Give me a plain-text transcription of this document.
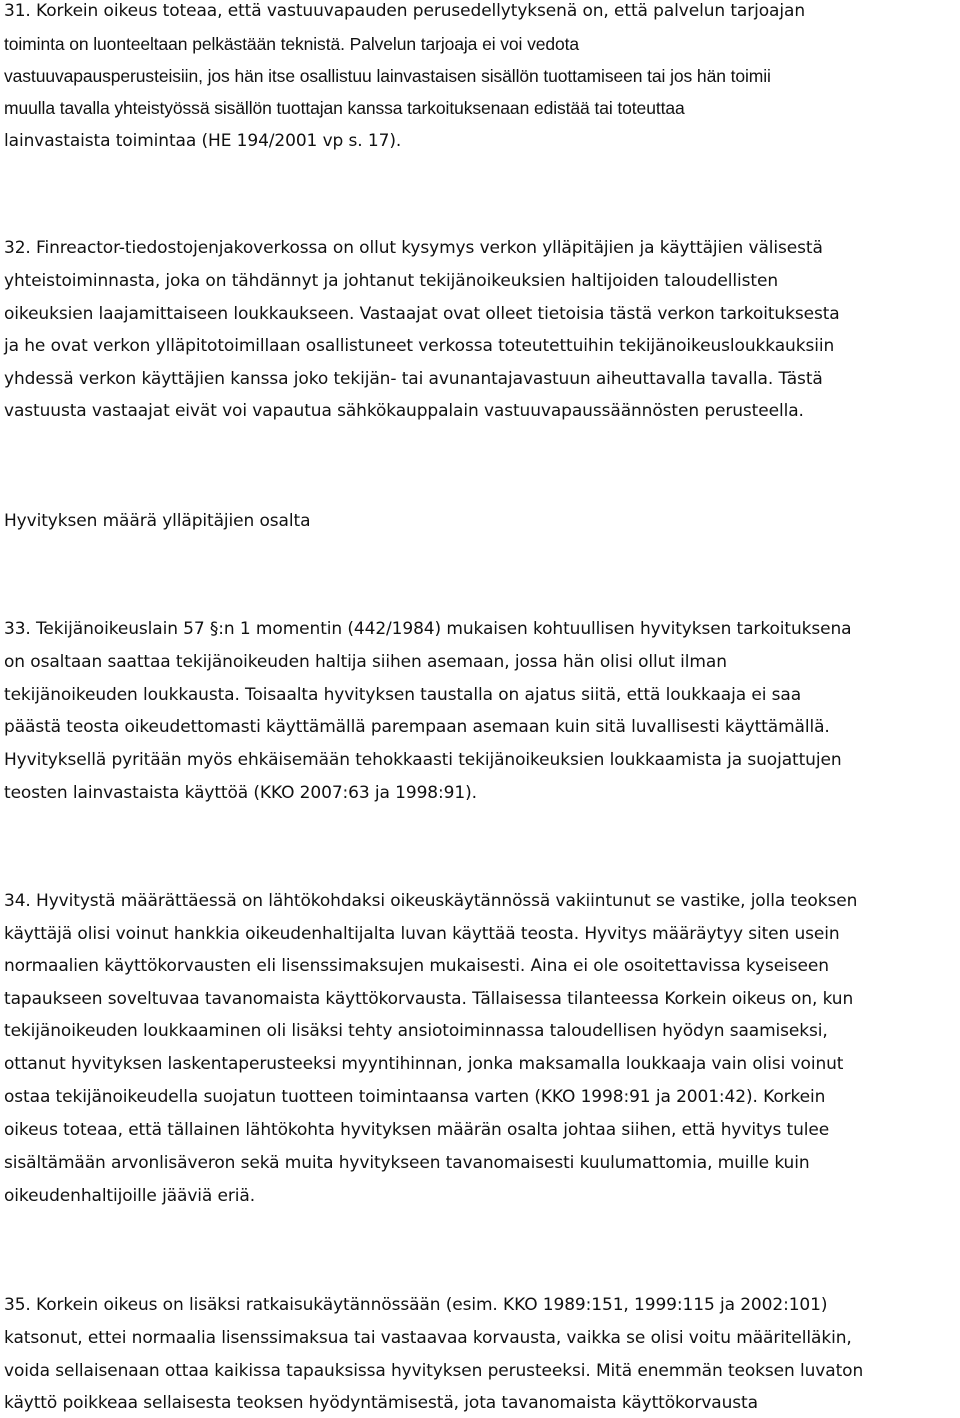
31. Korkein oikeus toteaa, että vastuuvapauden perusedellytyksenä on, että palvelun tarjoajan
toiminta on luonteeltaan pelkästään teknistä. Palvelun tarjoaja ei voi vedota
vastuuvapausperusteisiin, jos hän itse osallistuu lainvastaisen sisällön tuottamiseen tai jos hän toimii
muulla tavalla yhteistyössä sisällön tuottajan kanssa tarkoituksenaan edistää tai toteuttaa
lainvastaista toimintaa (HE 194/2001 vp s. 17).
32. Finreactor-tiedostojenjakoverkossa on ollut kysymys verkon ylläpitäjien ja käyttäjien välisestä
yhteistoiminnasta, joka on tähdännyt ja johtanut tekijänoikeuksien haltijoiden taloudellisten
oikeuksien laajamittaiseen loukkaukseen. Vastaajat ovat olleet tietoisia tästä verkon tarkoituksesta
ja he ovat verkon ylläpitotoimillaan osallistuneet verkossa toteutettuihin tekijänoikeusloukkauksiin
yhdessä verkon käyttäjien kanssa joko tekijän- tai avunantajavastuun aiheuttavalla tavalla. Tästä
vastuusta vastaajat eivät voi vapautua sähkökauppalain vastuuvapaussäännösten perusteella.
Hyvityksen määrä ylläpitäjien osalta
33. Tekijänoikeuslain 57 §:n 1 momentin (442/1984) mukaisen kohtuullisen hyvityksen tarkoituksena
on osaltaan saattaa tekijänoikeuden haltija siihen asemaan, jossa hän olisi ollut ilman
tekijänoikeuden loukkausta. Toisaalta hyvityksen taustalla on ajatus siitä, että loukkaaja ei saa
päästä teosta oikeudettomasti käyttämällä parempaan asemaan kuin sitä luvallisesti käyttämällä.
Hyvityksellä pyritään myös ehkäisemään tehokkaasti tekijänoikeuksien loukkaamista ja suojattujen
teosten lainvastaista käyttöä (KKO 2007:63 ja 1998:91).
34. Hyvitystä määrättäessä on lähtökohdaksi oikeuskäytännössä vakiintunut se vastike, jolla teoksen
käyttäjä olisi voinut hankkia oikeudenhaltijalta luvan käyttää teosta. Hyvitys määräytyy siten usein
normaalien käyttökorvausten eli lisenssimaksujen mukaisesti. Aina ei ole osoitettavissa kyseiseen
tapaukseen soveltuvaa tavanomaista käyttökorvausta. Tällaisessa tilanteessa Korkein oikeus on, kun
tekijänoikeuden loukkaaminen oli lisäksi tehty ansiotoiminnassa taloudellisen hyödyn saamiseksi,
ottanut hyvityksen laskentaperusteeksi myyntihinnan, jonka maksamalla loukkaaja vain olisi voinut
ostaa tekijänoikeudella suojatun tuotteen toimintaansa varten (KKO 1998:91 ja 2001:42). Korkein
oikeus toteaa, että tällainen lähtökohta hyvityksen määrän osalta johtaa siihen, että hyvitys tulee
sisältämään arvonlisäveron sekä muita hyvitykseen tavanomaisesti kuulumattomia, muille kuin
oikeudenhaltijoille jääviä eriä.
35. Korkein oikeus on lisäksi ratkaisukäytännössään (esim. KKO 1989:151, 1999:115 ja 2002:101)
katsonut, ettei normaalia lisenssimaksua tai vastaavaa korvausta, vaikka se olisi voitu määritelläkin,
voida sellaisenaan ottaa kaikissa tapauksissa hyvityksen perusteeksi. Mitä enemmän teoksen luvaton
käyttö poikkeaa sellaisesta teoksen hyödyntämisestä, jota tavanomaista käyttökorvausta
